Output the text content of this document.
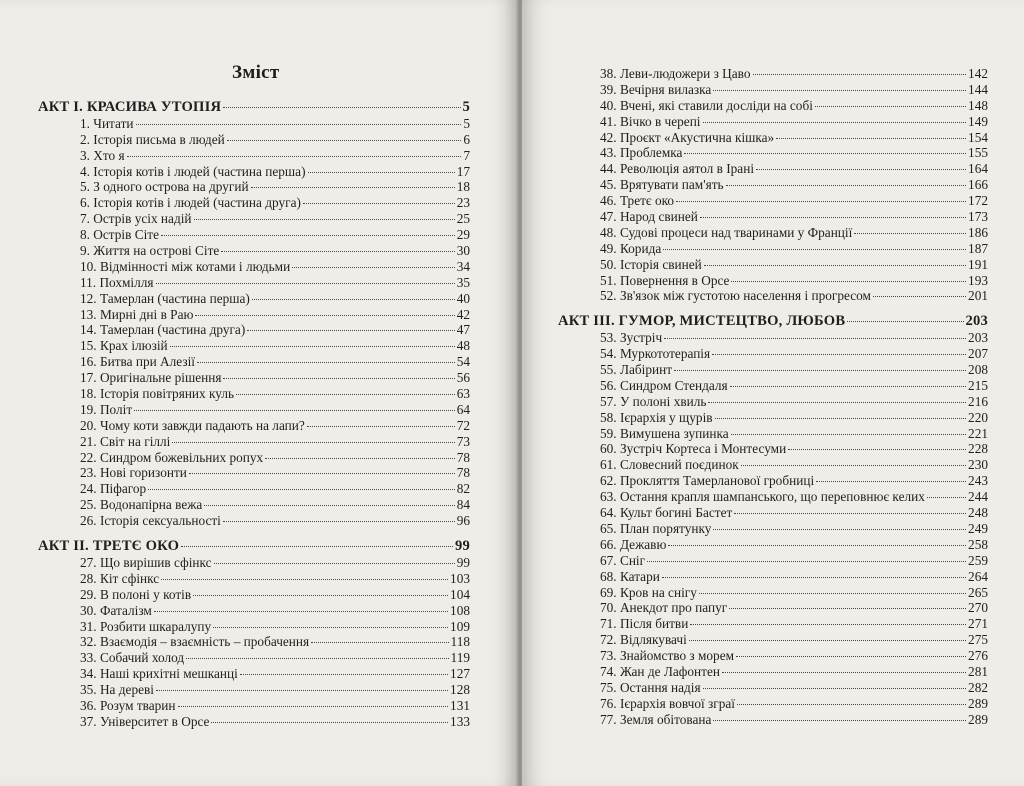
Зміст
АКТ І. КРАСИВА УТОПІЯ	5
1. Читати	5
2. Історія письма в людей	6
3. Хто я	7
4. Історія котів і людей (частина перша)	17
5. З одного острова на другий	18
6. Історія котів і людей (частина друга)	23
7. Острів усіх надій	25
8. Острів Сіте	29
9. Життя на острові Сіте	30
10. Відмінності між котами і людьми	34
11. Похмілля	35
12. Тамерлан (частина перша)	40
13. Мирні дні в Раю	42
14. Тамерлан (частина друга)	47
15. Крах ілюзій	48
16. Битва при Алезії	54
17. Оригінальне рішення	56
18. Історія повітряних куль	63
19. Політ	64
20. Чому коти завжди падають на лапи?	72
21. Світ на гіллі	73
22. Синдром божевільних ропух	78
23. Нові горизонти	78
24. Піфагор	82
25. Водонапірна вежа	84
26. Історія сексуальності	96
АКТ ІІ. ТРЕТЄ ОКО	99
27. Що вирішив сфінкс	99
28. Кіт сфінкс	103
29. В полоні у котів	104
30. Фаталізм	108
31. Розбити шкаралупу	109
32. Взаємодія – взаємність – пробачення	118
33. Собачий холод	119
34. Наші крихітні мешканці	127
35. На дереві	128
36. Розум тварин	131
37. Університет в Орсе	133
38. Леви-людожери з Цаво	142
39. Вечірня вилазка	144
40. Вчені, які ставили досліди на собі	148
41. Вічко в черепі	149
42. Проєкт «Акустична кішка»	154
43. Проблемка	155
44. Революція аятол в Ірані	164
45. Врятувати пам'ять	166
46. Третє око	172
47. Народ свиней	173
48. Судові процеси над тваринами у Франції	186
49. Корида	187
50. Історія свиней	191
51. Повернення в Орсе	193
52. Зв'язок між густотою населення і прогресом	201
АКТ ІІІ. ГУМОР, МИСТЕЦТВО, ЛЮБОВ	203
53. Зустріч	203
54. Муркототерапія	207
55. Лабіринт	208
56. Синдром Стендаля	215
57. У полоні хвиль	216
58. Ієрархія у щурів	220
59. Вимушена зупинка	221
60. Зустріч Кортеса і Монтесуми	228
61. Словесний поєдинок	230
62. Прокляття Тамерланової гробниці	243
63. Остання крапля шампанського, що переповнює келих	244
64. Культ богині Бастет	248
65. План порятунку	249
66. Дежавю	258
67. Сніг	259
68. Катари	264
69. Кров на снігу	265
70. Анекдот про папуг	270
71. Після битви	271
72. Відлякувачі	275
73. Знайомство з морем	276
74. Жан де Лафонтен	281
75. Остання надія	282
76. Ієрархія вовчої зграї	289
77. Земля обітована	289
